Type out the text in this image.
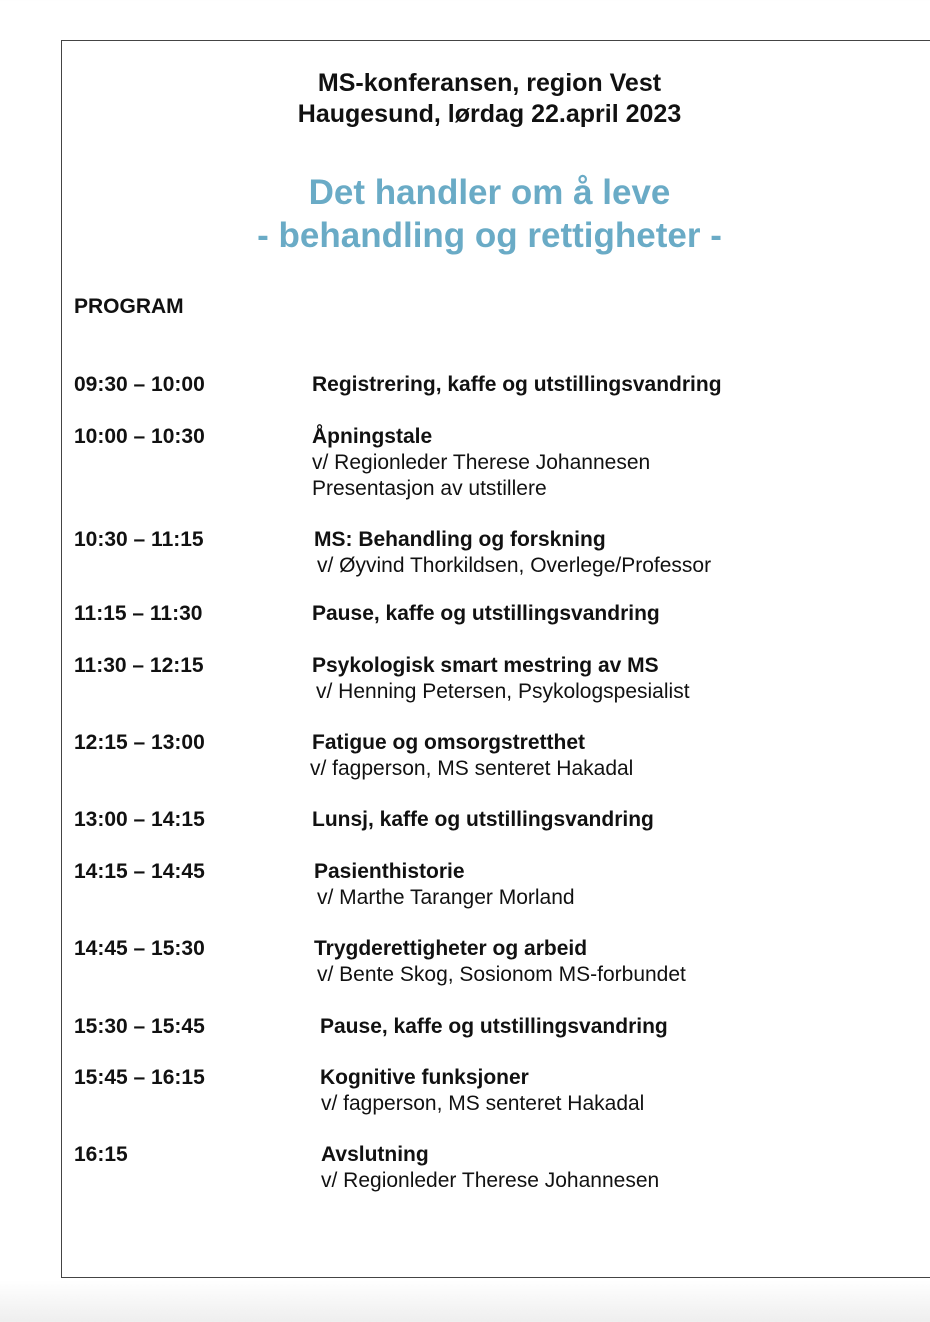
MS-konferansen, region Vest
Haugesund, lørdag 22.april 2023
Det handler om å leve
- behandling og rettigheter -
PROGRAM
09:30 – 10:00	Registrering, kaffe og utstillingsvandring
10:00 – 10:30	Åpningstale
v/ Regionleder Therese Johannesen
Presentasjon av utstillere
10:30 – 11:15	MS: Behandling og forskning
v/ Øyvind Thorkildsen, Overlege/Professor
11:15 – 11:30	Pause, kaffe og utstillingsvandring
11:30 – 12:15	Psykologisk smart mestring av MS
v/ Henning Petersen, Psykologspesialist
12:15 – 13:00	Fatigue og omsorgstretthet
v/ fagperson, MS senteret Hakadal
13:00 – 14:15	Lunsj, kaffe og utstillingsvandring
14:15 – 14:45	Pasienthistorie
v/ Marthe Taranger Morland
14:45 – 15:30	Trygderettigheter og arbeid
v/ Bente Skog, Sosionom MS-forbundet
15:30 – 15:45	Pause, kaffe og utstillingsvandring
15:45 – 16:15	Kognitive funksjoner
v/ fagperson, MS senteret Hakadal
16:15	Avslutning
v/ Regionleder Therese Johannesen
